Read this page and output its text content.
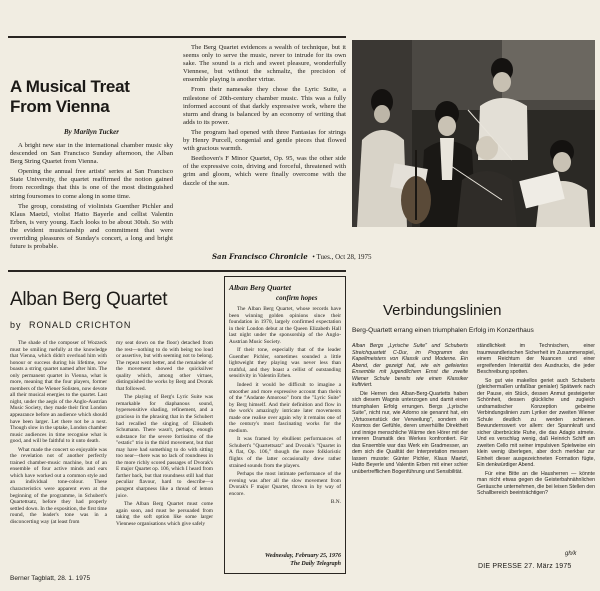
A Musical Treat From Vienna

By Marilyn Tucker

A bright new star in the international chamber music sky descended on San Francisco Sunday afternoon, the Alban Berg String Quartet from Vienna.

Opening the annual free artists' series at San Francisco State University, the quartet reaffirmed the notion gained from recordings that this is one of the most distinguished string foursomes to come along in some time.

The group, consisting of violinists Guenther Pichler and Klaus Maetzl, violist Hatto Bayerle and cellist Valentin Erben, is very young. Each looks to be about 30ish. So with the evident musicianship and commitment that were overriding pleasures of Sunday's concert, a long and bright future is probable.

The Berg Quartet evidences a wealth of technique, but it seems only to serve the music, never to intrude for its own sake. The sound is a rich and sweet pleasure, wonderfully Viennese, but without the schmaltz, the precision of ensemble playing is another virtue.

From their namesake they chose the Lyric Suite, a milestone of 20th-century chamber music. This was a fully informed account of that darkly expressive work, where the sturm and drang is balanced by an economy of writing that adds to its power.

The program had opened with three Fantasias for strings by Henry Purcell, congenial and gentle pieces that flowed with gracious warmth.

Beethoven's F Minor Quartet, Op. 95, was the other side of the expressive coin, driving and forceful, threatened with grim and gloom, which were finally overcome with the dazzle of the sun.

San Francisco Chronicle • Tues., Oct 28, 1975
Alban Berg Quartet
by RONALD CRICHTON

The shade of the composer of Wozzeck must be smiling ruefully at the knowledge that Vienna, which didn't overload him with honour or success during his lifetime, now boasts a string quartet named after him. The only permanent quartet in Vienna, what is more, meaning that the four players, former members of the Wiener Solisten, now devote all their musical energies to the quartet. Last night, under the aegis of the Anglo-Austrian Music Society, they made their first London appearance before an audience which should have been larger. Let there not be a next. Though slow in the uptake, London chamber music audiences in time recognise what is good, and will be faithful to it unto death.

What made the concert so enjoyable was the revelation not of another perfectly trained chamber-music machine, but of an ensemble of four active minds and ears which have worked out a common style and an individual tone-colour. These characteristics were apparent even at the beginning of the programme, in Schubert's Quartettsatz, before they had properly settled down. In the exposition, the first time round, the leader's tone was in a disconcerting way (at least from

my seat down on the floor) detached from the rest—nothing to do with being too loud or assertive, but with seeming not to belong. The repeat went better, and the remainder of the movement showed the quicksilver quality which, among other virtues, distinguished the works by Berg and Dvorak that followed.

The playing of Berg's Lyric Suite was remarkable for diaphanous sound, hypersensitive shading, refinement, and a gracioso in the phrasing that in the Schubert had recalled the singing of Elisabeth Schumann. There wasn't, perhaps, enough substance for the severe fortissimo of the "estatic" trio in the third movement, but that may have had something to do with sitting too near—there was no lack of roundness in the more richly scored passages of Dvorak's E major Quartet op. 106, which I heard from farther back, but that roundness still had that peculiar flavour, hard to describe—a pungent sharpness like a thread of lemon juice.

The Alban Berg Quartet must come again soon, and must be persuaded from taking the soft option like some larger Viennese organisations which give safely

Berner Tagblatt, 28. 1. 1975

Alban Berg Quartet

confirm hopes

The Alban Berg Quartet, whose records have been winning golden opinions since their foundation in 1970, largely confirmed expectation in their London debut at the Queen Elizabeth Hall last night under the sponsorship of the Anglo-Austrian Music Society.

If their tone, especially that of the leader Guenther Pichler, sometimes sounded a little lightweight they playing was never less than truthful, and they boast a cellist of outstanding sensitivity in Valentin Erben.

Indeed it would be difficult to imagine a smoother and more expressive account than theirs of the "Andante Amoroso" from the "Lyric Suite" by Berg himself. And their definition and flow in the work's amazingly intricate later movements made one realise over again why it remains one of the century's most fascinating works for the medium.

It was framed by ebullient performances of Schubert's "Quartettsatz" and Dvorak's "Quartet in A flat, Op. 106," though the more folkloristic flights of the latter occasionally drew rather strained sounds from the players.

Perhaps the most intimate performance of the evening was after all the slow movement from Dvorak's F major Quartet, thrown in by way of encore.

B.N.

Wednesday, February 25, 1976
The Daily Telegraph
Verbindungslinien

Berg-Quartett errang einen triumphalen Erfolg im Konzerthaus

Alban Bergs „Lyrische Suite" und Schuberts Streichquartett C-Dur, im Programm des Kapellmeisters von Klassik und Moderne. Ein Abend, der gezeigt hat, wie ein gefeiertes Ensemble mit jugendlichem Ernst die zweite Wiener Schule bereits wie einen Klassiker kultiviert.

Die Herren des Alban-Berg-Quartetts haben sich diesem Wagnis unterzogen und damit einen triumphalen Erfolg errungen. Bergs „Lyrische Suite", nicht nur, wie Adorno sie genannt hat, ein „Virtuosenstück der Verweilung", sondern ein Kosmos der Gefühle, deren unverhüllte Direktheit und innige menschliche Wärme den Hörer mit der inneren Dramatik des Werkes konfrontiert. Für das Ensemble war das Werk ein Gradmesser, an dem sich die Qualität der Interpretation messen lassen musste: Günter Pichler, Klaus Maetzl, Hatto Beyerle und Valentin Erben mit einer schier unübertrefflichen Bogenführung und Sensibilität.

ständlichkeit im Technischen, einer traumwandlerischen Sicherheit im Zusammenspiel, einem Reichtum der Nuancen und einer ergreifenden Intensität des Ausdrucks, die jeder Beschreibung spotten.

So gut wie makellos geriet auch Schuberts (gleichermaßen unfaßbar genialer) Spätwerk nach der Pause, ein Stück, dessen Anmut gesteigerter Schönheit, dessen glückliche und zugleich undramatischer Konzeption gebeime Verbindungslinien zum Lyriker der zweiten Wiener Schule deutlich zu werden schienen. Bewundernswert vor allem: der Spannkraft und sicher überbrückte Ruhe, die das Adagio atmete. Und es verschlug wenig, daß Heinrich Schiff am zweiten Cello mit seiner impulsiven Spielweise ein klein wenig überlegen, aber doch merkbar zur Einheit dieser ausgezeichneten Formation fügte, Ein denkwürdiger Abend.

Für eine Bitte an die Hausherren — könnte man nicht etwas gegen die Geisterbahnähnlichen Geräusche unternehmen, die bei leisen Stellen den Schallbereich beeinträchtigen?

gh/k

DIE PRESSE 27. März 1975
